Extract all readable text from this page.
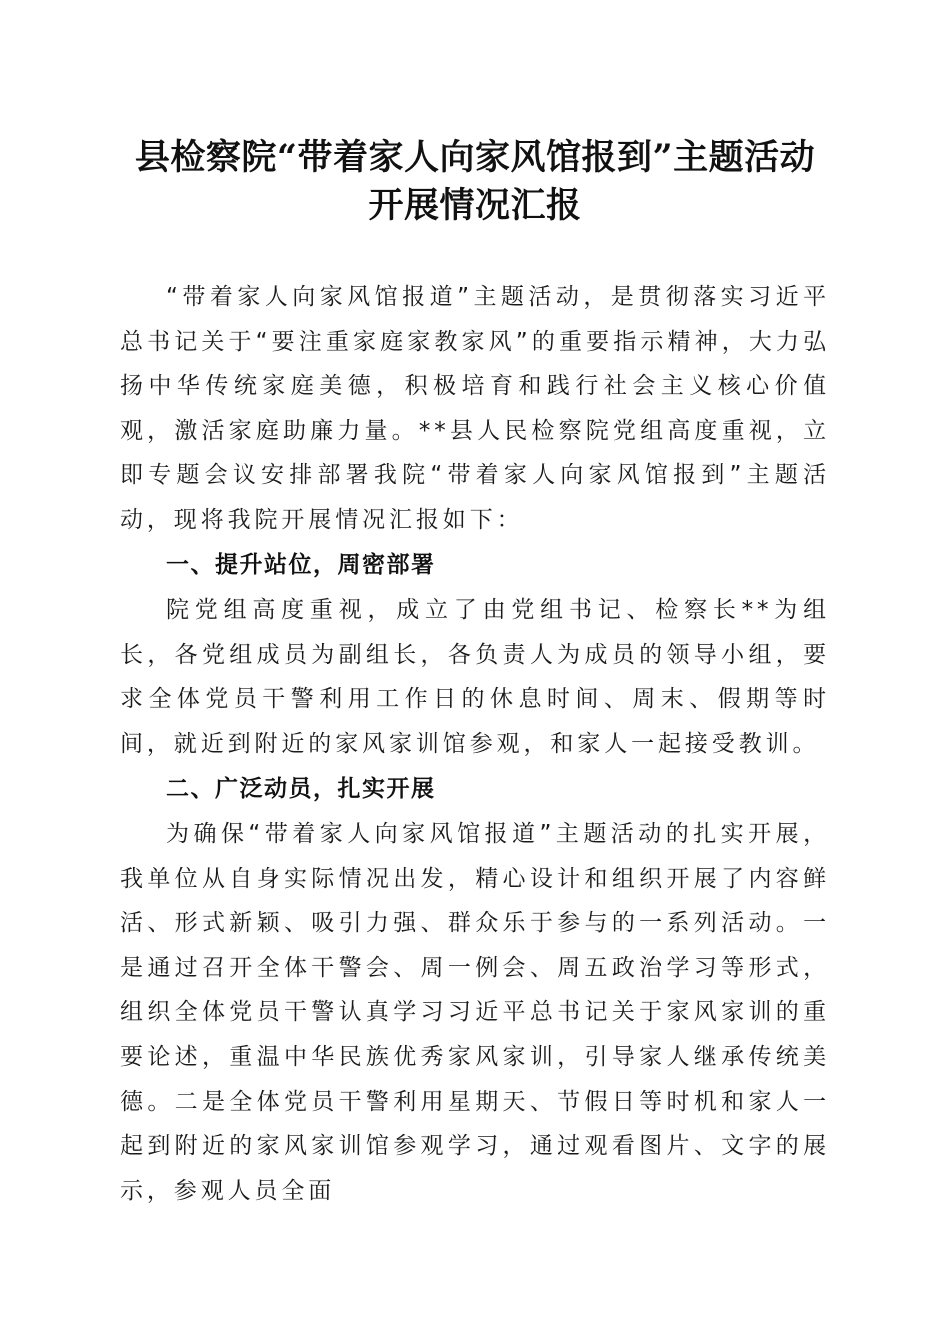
县检察院“带着家人向家风馆报到”主题活动
开展情况汇报

“带着家人向家风馆报道”主题活动，是贯彻落实习近平总书记关于“要注重家庭家教家风”的重要指示精神，大力弘扬中华传统家庭美德，积极培育和践行社会主义核心价值观，激活家庭助廉力量。**县人民检察院党组高度重视，立即专题会议安排部署我院“带着家人向家风馆报到”主题活动，现将我院开展情况汇报如下：

一、提升站位，周密部署

院党组高度重视，成立了由党组书记、检察长**为组长，各党组成员为副组长，各负责人为成员的领导小组，要求全体党员干警利用工作日的休息时间、周末、假期等时间，就近到附近的家风家训馆参观，和家人一起接受教训。

二、广泛动员，扎实开展

为确保“带着家人向家风馆报道”主题活动的扎实开展，我单位从自身实际情况出发，精心设计和组织开展了内容鲜活、形式新颖、吸引力强、群众乐于参与的一系列活动。一是通过召开全体干警会、周一例会、周五政治学习等形式，组织全体党员干警认真学习习近平总书记关于家风家训的重要论述，重温中华民族优秀家风家训，引导家人继承传统美德。二是全体党员干警利用星期天、节假日等时机和家人一起到附近的家风家训馆参观学习，通过观看图片、文字的展示，参观人员全面
